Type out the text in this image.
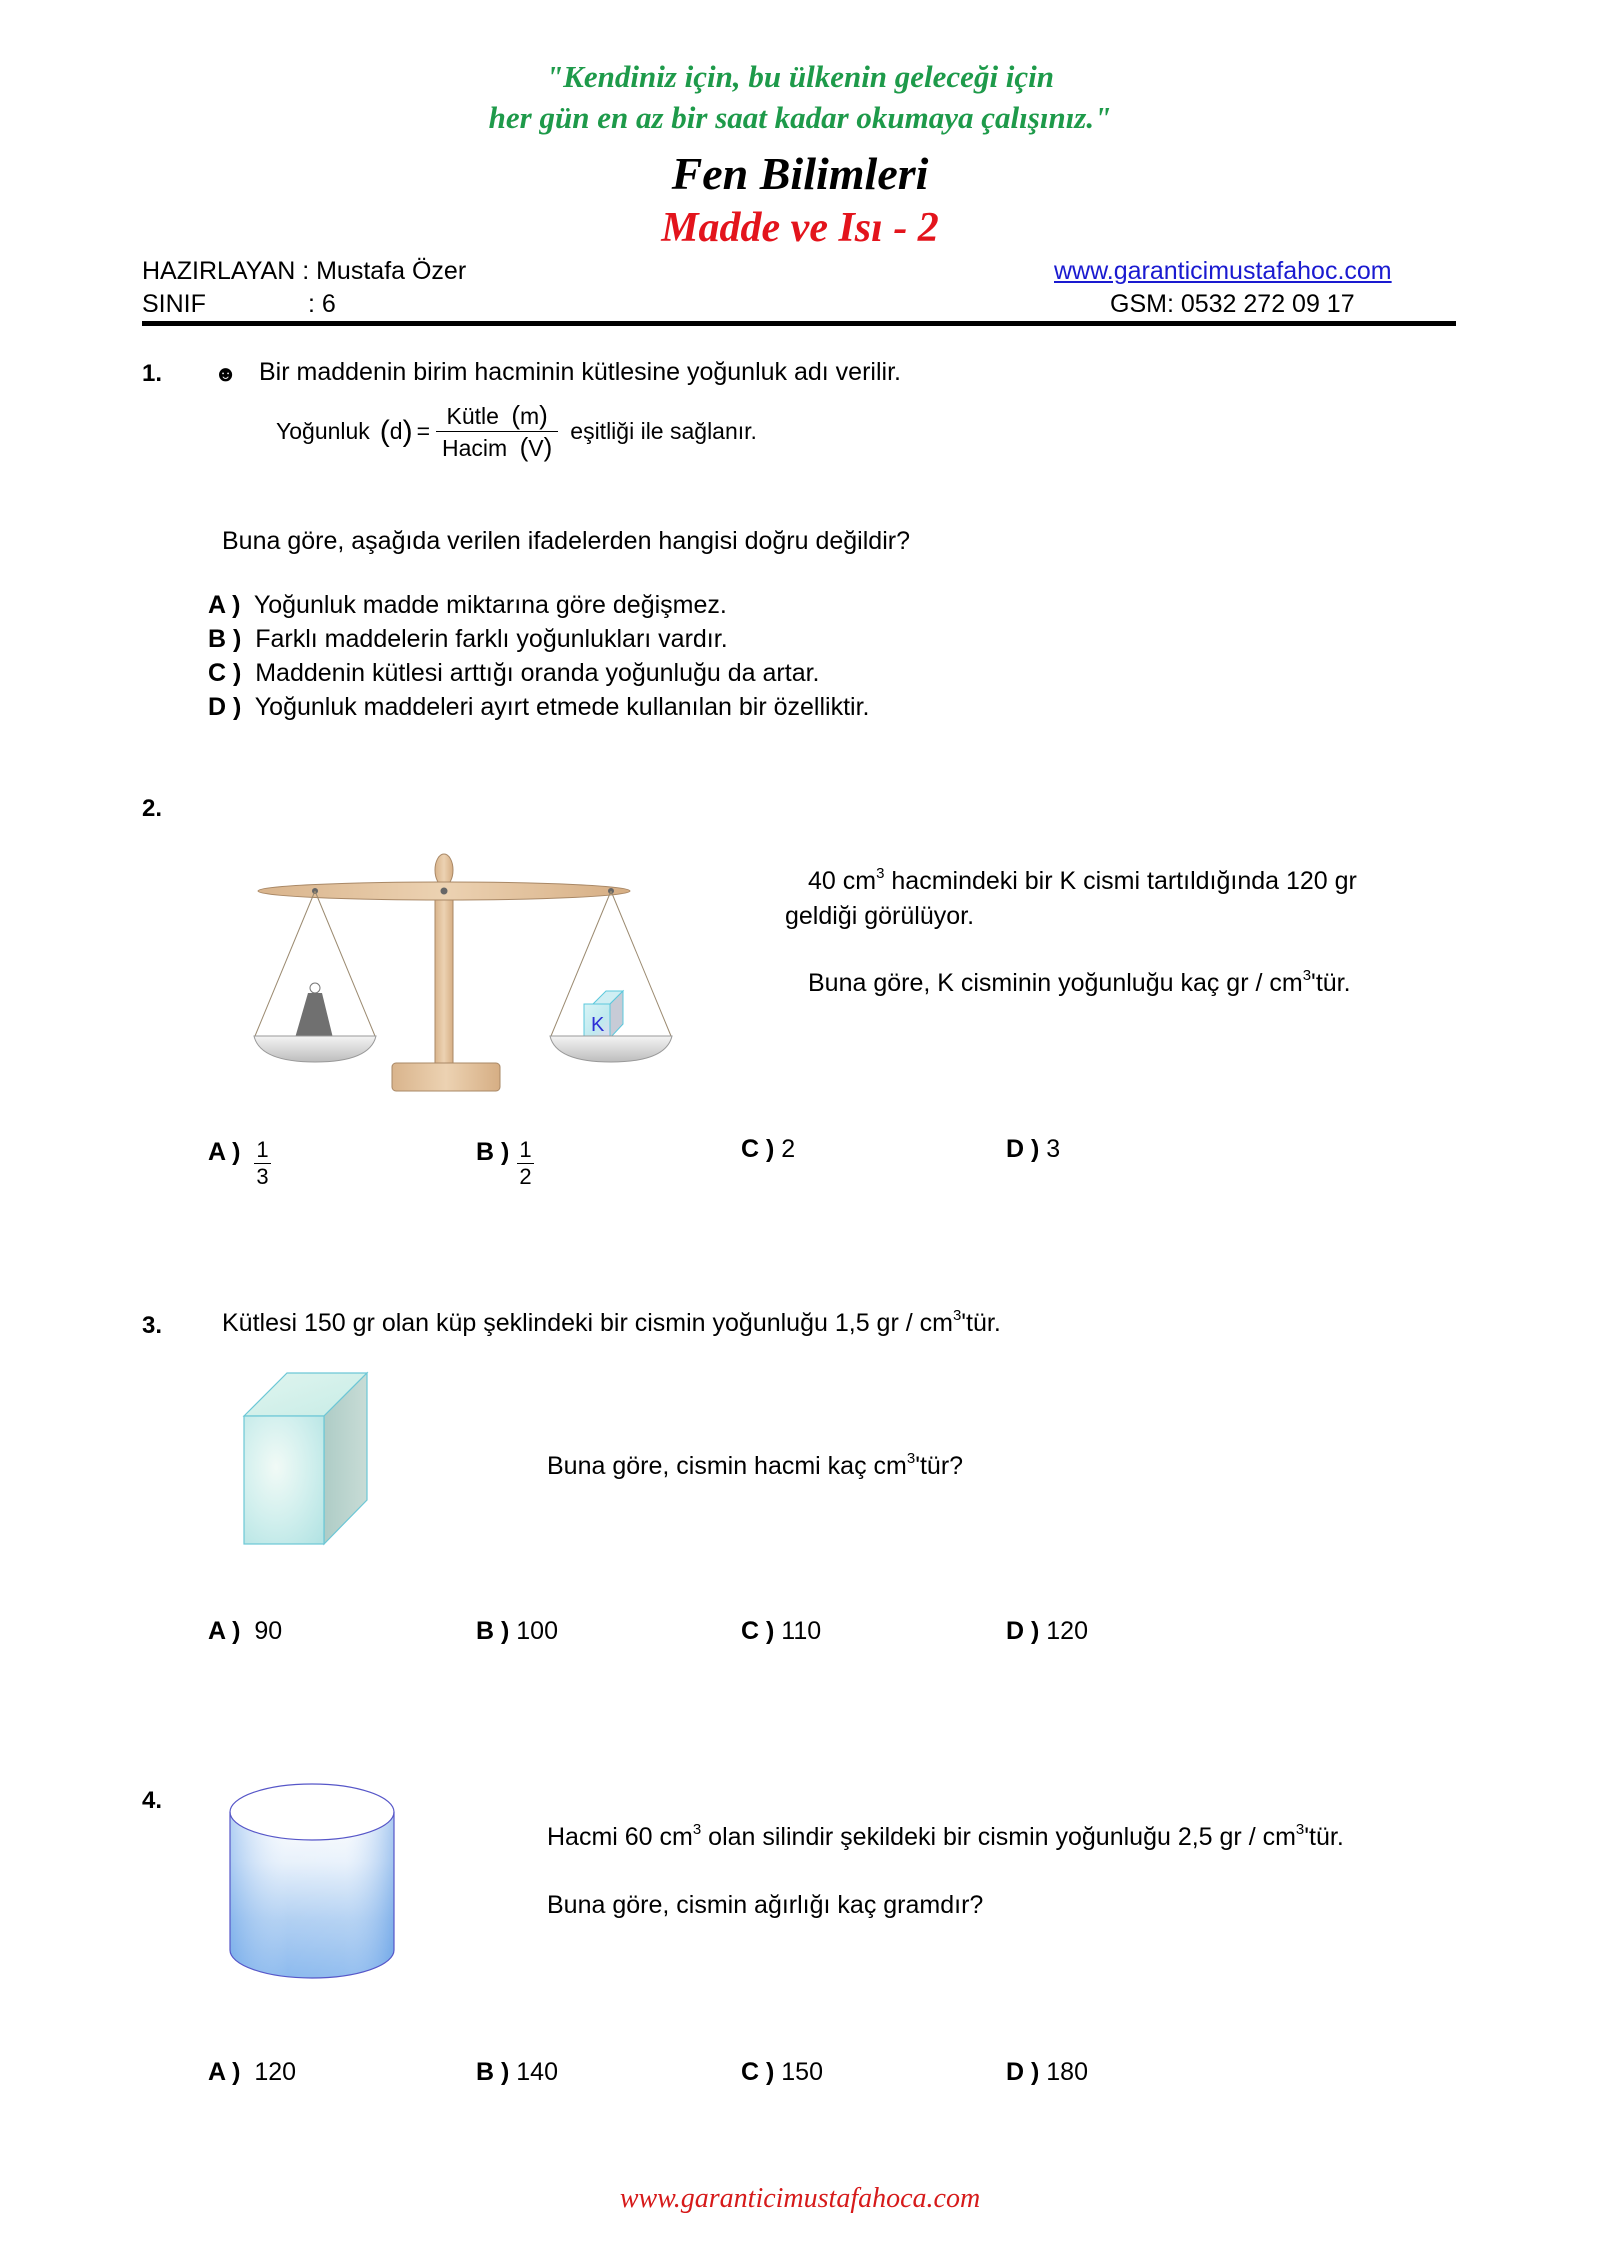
"Kendiniz için, bu ülkenin geleceği için
her gün en az bir saat kadar okumaya çalışınız."
Fen Bilimleri
Madde ve Isı - 2
HAZIRLAYAN : Mustafa Özer
SINIF	: 6
www.garanticimustafahoc.com
GSM: 0532 272 09 17
1. ☻ Bir maddenin birim hacminin kütlesine yoğunluk adı verilir.
Yoğunluk ( d ) = $\frac{\text{Kütle (m)}}{\text{Hacim (V)}}$ eşitliği ile sağlanır.
Buna göre, aşağıda verilen ifadelerden hangisi doğru değildir?
A ) Yoğunluk madde miktarına göre değişmez.
B ) Farklı maddelerin farklı yoğunlukları vardır.
C ) Maddenin kütlesi arttığı oranda yoğunluğu da artar.
D ) Yoğunluk maddeleri ayırt etmede kullanılan bir özelliktir.
2.
K
40 $cm^3$ hacmindeki bir K cismi tartıldığında 120 gr
geldiği görülüyor.
Buna göre, K cisminin yoğunluğu kaç gr / $cm^3'tür$.
A ) $\frac{1}{3}$	B ) $\frac{1}{2}$	C ) 2	D ) 3
3. Kütlesi 150 gr olan küp şeklindeki bir cismin yoğunluğu 1,5 gr / $cm^3'tür$.
Buna göre, cismin hacmi kaç $cm^3'tür$?
A ) 90	B ) 100	C ) 110	D ) 120
4.
Hacmi 60 $cm^3$ olan silindir şekildeki bir cismin yoğunluğu 2,5 gr / $cm^3'tür$.
Buna göre, cismin ağırlığı kaç gramdır?
A ) 120	B ) 140	C ) 150	D ) 180
www.garanticimustafahoca.com
